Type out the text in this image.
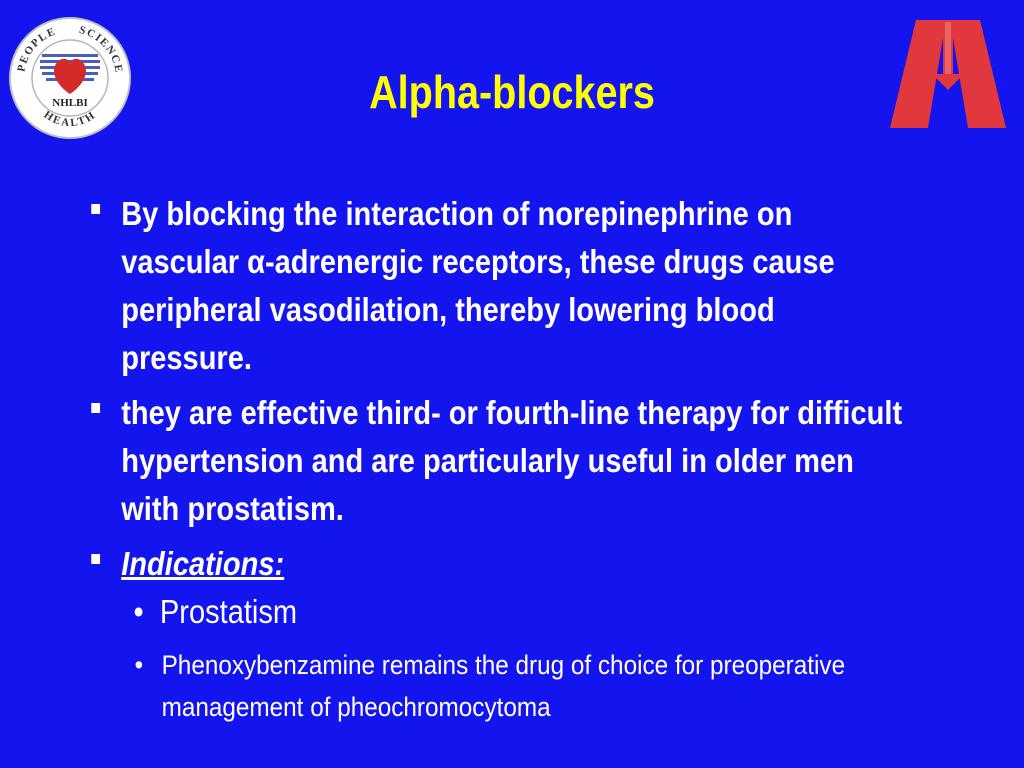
PEOPLE SCIENCE
HEALTH
NHLBI	Alpha-blockers
By blocking the interaction of norepinephrine on
vascular α-adrenergic receptors, these drugs cause
peripheral vasodilation, thereby lowering blood
pressure.
they are effective third- or fourth-line therapy for difficult
hypertension and are particularly useful in older men
with prostatism.
Indications:
• Prostatism
• Phenoxybenzamine remains the drug of choice for preoperative
management of pheochromocytoma
